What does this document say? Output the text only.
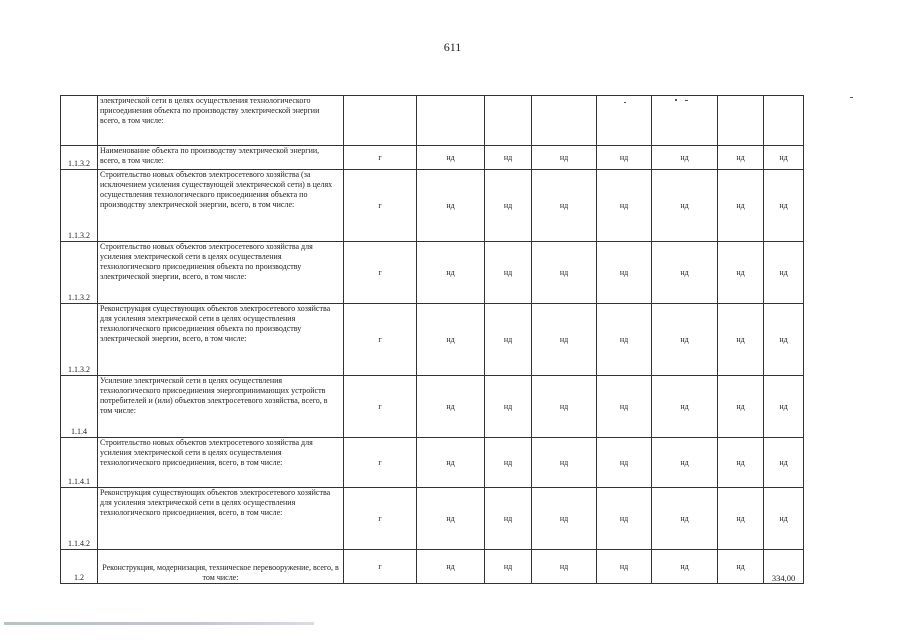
611
	электрической сети в целях осуществления технологического присоединения объекта по производству электрической энергии всего, в том числе:								
1.1.3.2	Наименование объекта по производству электрической энергии, всего, в том числе:	г	нд	нд	нд	нд	нд	нд	нд
1.1.3.2	Строительство новых объектов электросетевого хозяйства (за исключением усиления существующей электрической сети) в целях осуществления технологического присоединения объекта по производству электрической энергии, всего, в том числе:	г	нд	нд	нд	нд	нд	нд	нд
1.1.3.2	Строительство новых объектов электросетевого хозяйства для усиления электрической сети в целях осуществления технологического присоединения объекта по производству электрической энергии, всего, в том числе:	г	нд	нд	нд	нд	нд	нд	нд
1.1.3.2	Реконструкция существующих объектов электросетевого хозяйства для усиления электрической сети в целях осуществления технологического присоединения объекта по производству электрической энергии, всего, в том числе:	г	нд	нд	нд	нд	нд	нд	нд
1.1.4	Усиление электрической сети в целях осуществления технологического присоединения энергопринимающих устройств потребителей и (или) объектов электросетевого хозяйства, всего, в том числе:	г	нд	нд	нд	нд	нд	нд	нд
1.1.4.1	Строительство новых объектов электросетевого хозяйства для усиления электрической сети в целях осуществления технологического присоединения, всего, в том числе:	г	нд	нд	нд	нд	нд	нд	нд
1.1.4.2	Реконструкция существующих объектов электросетевого хозяйства для усиления электрической сети в целях осуществления технологического присоединения, всего, в том числе:	г	нд	нд	нд	нд	нд	нд	нд
1.2	Реконструкция, модернизация, техническое перевооружение, всего, в том числе:	г	нд	нд	нд	нд	нд	нд	334,00
